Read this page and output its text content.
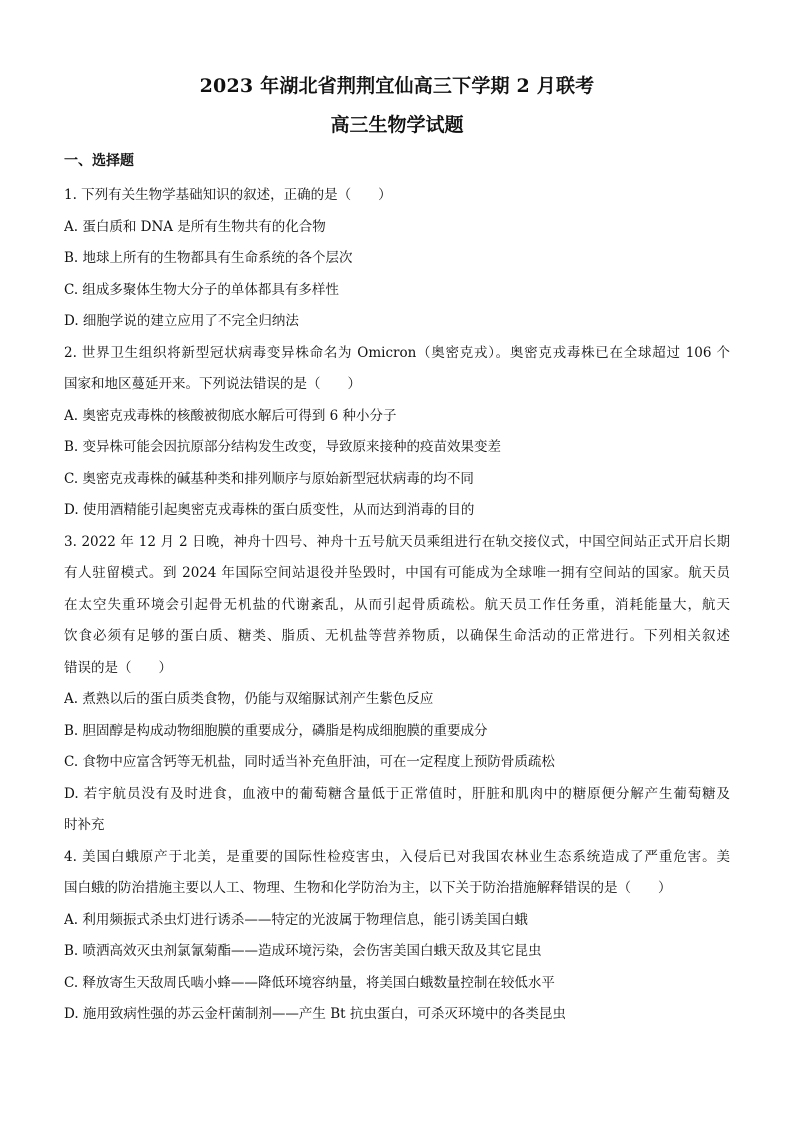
2023 年湖北省荆荆宜仙高三下学期 2 月联考
高三生物学试题
一、选择题
1. 下列有关生物学基础知识的叙述，正确的是（　　）
A. 蛋白质和 DNA 是所有生物共有的化合物
B. 地球上所有的生物都具有生命系统的各个层次
C. 组成多聚体生物大分子的单体都具有多样性
D. 细胞学说的建立应用了不完全归纳法
2. 世界卫生组织将新型冠状病毒变异株命名为 Omicron（奥密克戎）。奥密克戎毒株已在全球超过 106 个
国家和地区蔓延开来。下列说法错误的是（　　）
A. 奥密克戎毒株的核酸被彻底水解后可得到 6 种小分子
B. 变异株可能会因抗原部分结构发生改变，导致原来接种的疫苗效果变差
C. 奥密克戎毒株的碱基种类和排列顺序与原始新型冠状病毒的均不同
D. 使用酒精能引起奥密克戎毒株的蛋白质变性，从而达到消毒的目的
3. 2022 年 12 月 2 日晚，神舟十四号、神舟十五号航天员乘组进行在轨交接仪式，中国空间站正式开启长期
有人驻留模式。到 2024 年国际空间站退役并坠毁时，中国有可能成为全球唯一拥有空间站的国家。航天员
在太空失重环境会引起骨无机盐的代谢紊乱，从而引起骨质疏松。航天员工作任务重，消耗能量大，航天
饮食必须有足够的蛋白质、糖类、脂质、无机盐等营养物质，以确保生命活动的正常进行。下列相关叙述
错误的是（　　）
A. 煮熟以后的蛋白质类食物，仍能与双缩脲试剂产生紫色反应
B. 胆固醇是构成动物细胞膜的重要成分，磷脂是构成细胞膜的重要成分
C. 食物中应富含钙等无机盐，同时适当补充鱼肝油，可在一定程度上预防骨质疏松
D. 若宇航员没有及时进食，血液中的葡萄糖含量低于正常值时，肝脏和肌肉中的糖原便分解产生葡萄糖及
时补充
4. 美国白蛾原产于北美，是重要的国际性检疫害虫，入侵后已对我国农林业生态系统造成了严重危害。美
国白蛾的防治措施主要以人工、物理、生物和化学防治为主，以下关于防治措施解释错误的是（　　）
A. 利用频振式杀虫灯进行诱杀——特定的光波属于物理信息，能引诱美国白蛾
B. 喷洒高效灭虫剂氯氰菊酯——造成环境污染，会伤害美国白蛾天敌及其它昆虫
C. 释放寄生天敌周氏啮小蜂——降低环境容纳量，将美国白蛾数量控制在较低水平
D. 施用致病性强的苏云金杆菌制剂——产生 Bt 抗虫蛋白，可杀灭环境中的各类昆虫
